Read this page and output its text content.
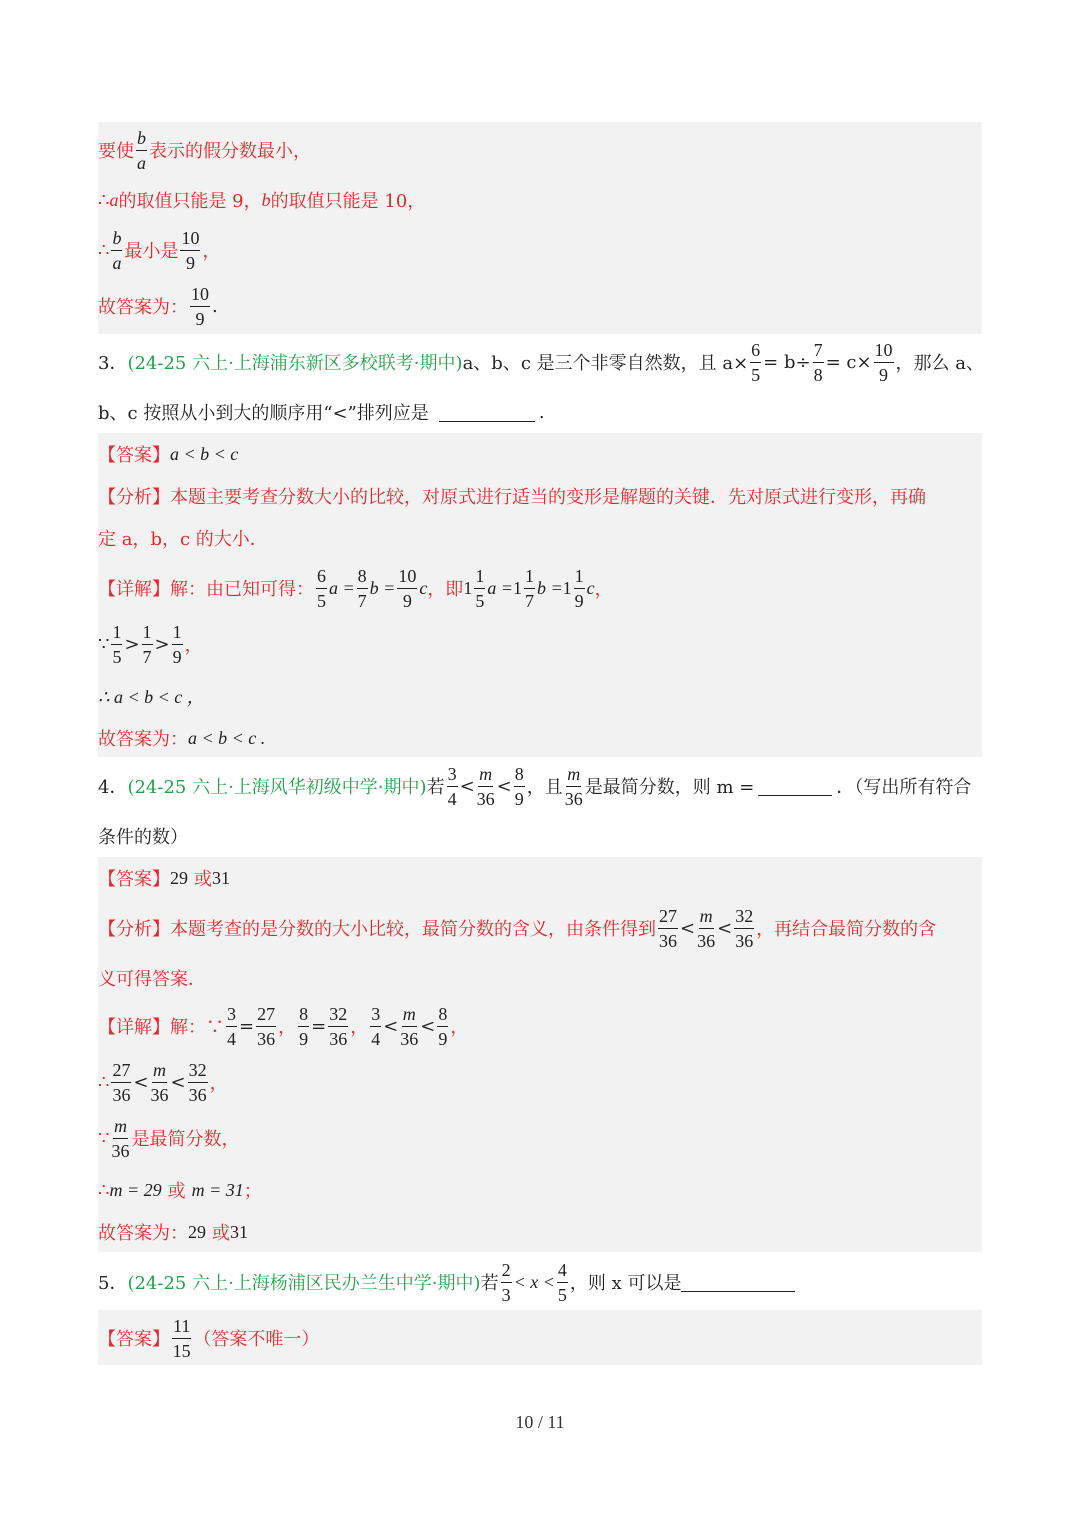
要使 $\frac{b}{a}$ 表示的假分数最小，
∴ a 的取值只能是 9， b 的取值只能是 10，
∴ $\frac{b}{a}$ 最小是 $\frac{10}{9}$ ，
故答案为： $\frac{10}{9}$ .
3． (24-25 六上·上海浦东新区多校联考·期中) a、b、c 是三个非零自然数，且 $a\times \frac{6}{5} = b\div \frac{7}{8} = c\times \frac{10}{9}$ ，那么 a、
b、c 按照从小到大的顺序用“<”排列应是	.
【答案】 a < b < c
【分析】 本题主要考查分数大小的比较，对原式进行适当的变形是解题的关键．先对原式进行变形，再确
定 a，b，c 的大小．
【详解】 解：由已知可得： $\frac{6}{5}$ $a = \frac{8}{7}$ $b = \frac{10}{9}$ c ，即 $1 \frac{1}{5}$ $a = 1 \frac{1}{7}$ $b = 1 \frac{1}{9}$ c ，
∵ $\frac{1}{5} > \frac{1}{7} > \frac{1}{9}$ ，
∴ a < b < c ，
故答案为： a < b < c .
4． (24-25 六上·上海风华初级中学·期中) 若 $\frac{3}{4} < \frac{m}{36} < \frac{8}{9}$ ，且 $\frac{m}{36}$ 是最简分数，则 m =	．（写出所有符合
条件的数）
【答案】 29 或 31
【分析】 本题考查的是分数的大小比较，最简分数的含义，由条件得到 $\frac{27}{36} < \frac{m}{36} < \frac{32}{36}$ ，再结合最简分数的含
义可得答案．
【详解】 解：∵ $\frac{3}{4} = \frac{27}{36}$ ， $\frac{8}{9} = \frac{32}{36}$ ， $\frac{3}{4} < \frac{m}{36} < \frac{8}{9}$ ，
∴ $\frac{27}{36} < \frac{m}{36} < \frac{32}{36}$ ，
∵ $\frac{m}{36}$ 是最简分数，
∴ m = 29 或 m = 31 ；
故答案为： 29 或 31
5． (24-25 六上·上海杨浦区民办兰生中学·期中) 若 $\frac{2}{3} < x < \frac{4}{5}$ ，则 x 可以是
【答案】 $\frac{11}{15}$ （答案不唯一）
10 / 11
